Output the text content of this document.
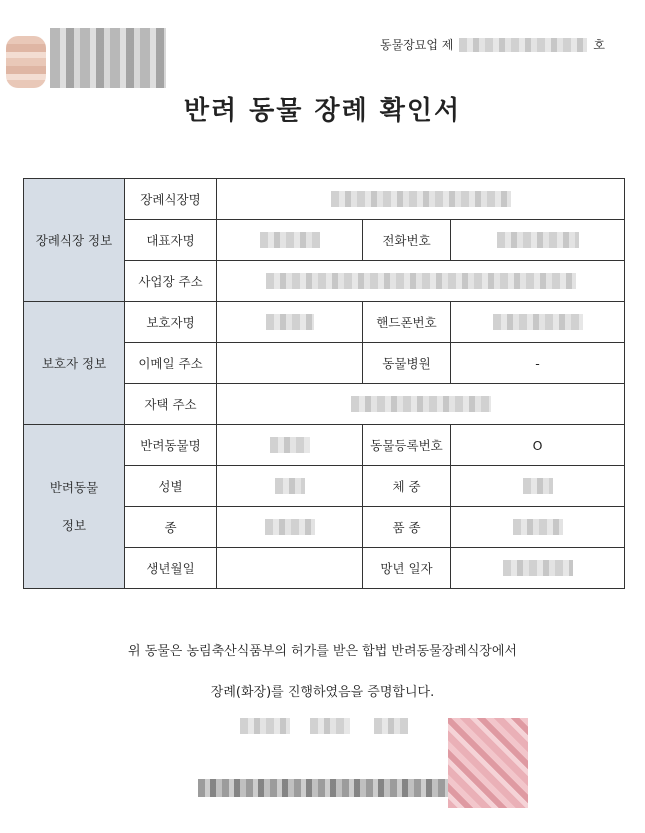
동물장묘업 제	호
반려 동물 장례 확인서
장례식장 정보	장례식장명			
	대표자명		전화번호	
	사업장 주소			
보호자 정보	보호자명		핸드폰번호	
	이메일 주소		동물병원	-
	자택 주소			

반려동물
정보	반려동물명		동물등록번호	O
	성별		체 중	
	종		품 종	
	생년월일		망년 일자	
위 동물은 농림축산식품부의 허가를 받은 합법 반려동물장례식장에서
장례(화장)를 진행하였음을 증명합니다.
